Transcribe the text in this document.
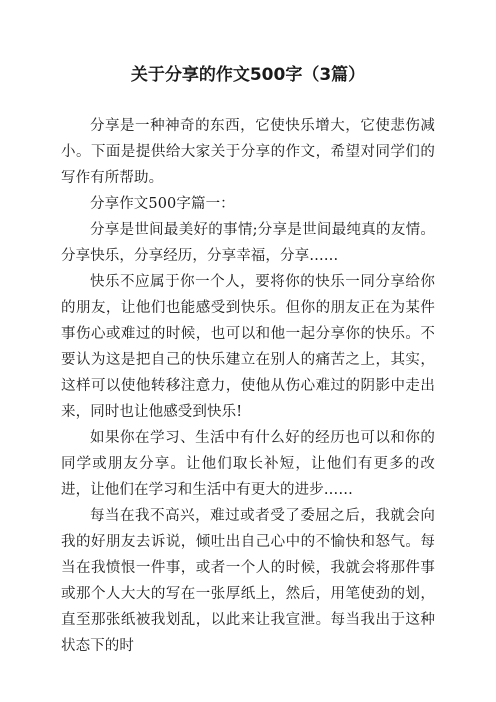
关于分享的作文500字（3篇）

分享是一种神奇的东西，它使快乐增大，它使悲伤减小。下面是提供给大家关于分享的作文，希望对同学们的写作有所帮助。

分享作文500字篇一：

分享是世间最美好的事情;分享是世间最纯真的友情。分享快乐，分享经历，分享幸福，分享……

快乐不应属于你一个人，要将你的快乐一同分享给你的朋友，让他们也能感受到快乐。但你的朋友正在为某件事伤心或难过的时候，也可以和他一起分享你的快乐。不要认为这是把自己的快乐建立在别人的痛苦之上，其实，这样可以使他转移注意力，使他从伤心难过的阴影中走出来，同时也让他感受到快乐!

如果你在学习、生活中有什么好的经历也可以和你的同学或朋友分享。让他们取长补短，让他们有更多的改进，让他们在学习和生活中有更大的进步……

每当在我不高兴，难过或者受了委屈之后，我就会向我的好朋友去诉说，倾吐出自己心中的不愉快和怒气。每当在我愤恨一件事，或者一个人的时候，我就会将那件事或那个人大大的写在一张厚纸上，然后，用笔使劲的划，直至那张纸被我划乱，以此来让我宣泄。每当我出于这种状态下的时
